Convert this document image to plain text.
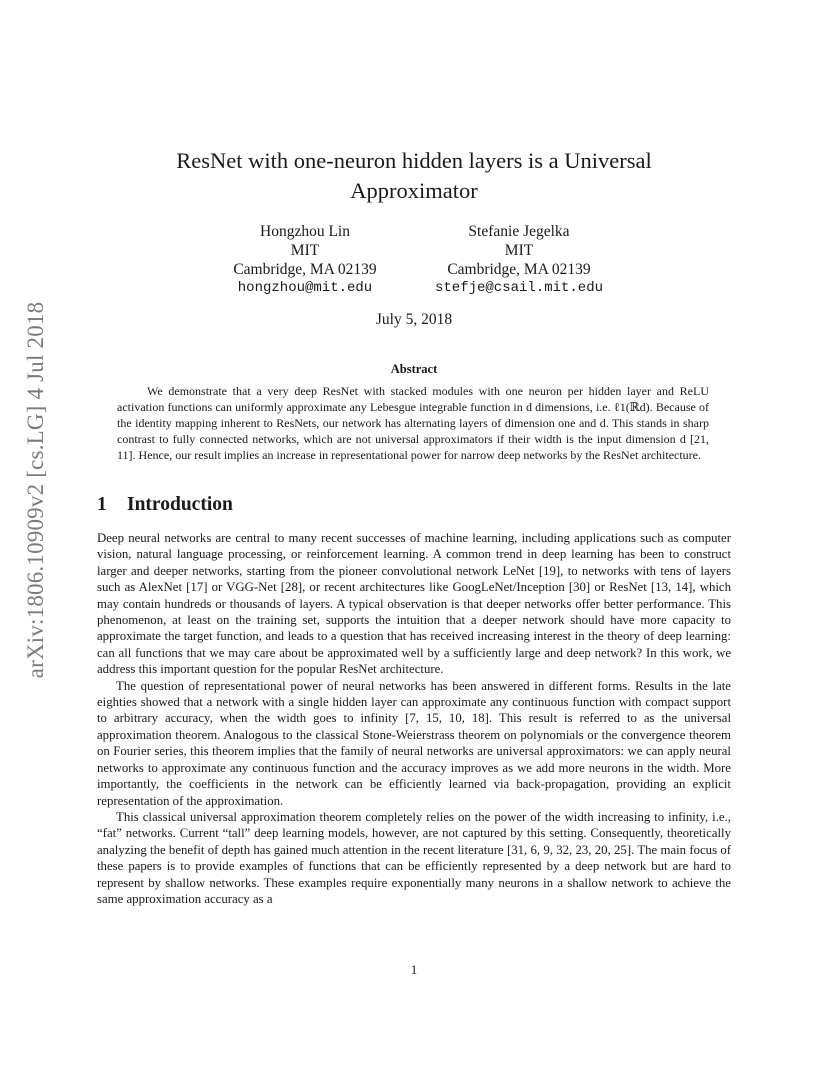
arXiv:1806.10909v2 [cs.LG] 4 Jul 2018
ResNet with one-neuron hidden layers is a Universal
Approximator
Hongzhou Lin
MIT
Cambridge, MA 02139
hongzhou@mit.edu
Stefanie Jegelka
MIT
Cambridge, MA 02139
stefje@csail.mit.edu
July 5, 2018
Abstract

We demonstrate that a very deep ResNet with stacked modules with one neuron per hidden layer and ReLU activation functions can uniformly approximate any Lebesgue integrable function in d dimensions, i.e. ℓ1(ℝd). Because of the identity mapping inherent to ResNets, our network has alternating layers of dimension one and d. This stands in sharp contrast to fully connected networks, which are not universal approximators if their width is the input dimension d [21, 11]. Hence, our result implies an increase in representational power for narrow deep networks by the ResNet architecture.

1 Introduction

Deep neural networks are central to many recent successes of machine learning, including applications such as computer vision, natural language processing, or reinforcement learning. A common trend in deep learning has been to construct larger and deeper networks, starting from the pioneer convolutional network LeNet [19], to networks with tens of layers such as AlexNet [17] or VGG-Net [28], or recent architectures like GoogLeNet/Inception [30] or ResNet [13, 14], which may contain hundreds or thousands of layers. A typical observation is that deeper networks offer better performance. This phenomenon, at least on the training set, supports the intuition that a deeper network should have more capacity to approximate the target function, and leads to a question that has received increasing interest in the theory of deep learning: can all functions that we may care about be approximated well by a sufficiently large and deep network? In this work, we address this important question for the popular ResNet architecture.

The question of representational power of neural networks has been answered in different forms. Results in the late eighties showed that a network with a single hidden layer can approximate any continuous function with compact support to arbitrary accuracy, when the width goes to infinity [7, 15, 10, 18]. This result is referred to as the universal approximation theorem. Analogous to the classical Stone-Weierstrass theorem on polynomials or the convergence theorem on Fourier series, this theorem implies that the family of neural networks are universal approximators: we can apply neural networks to approximate any continuous function and the accuracy improves as we add more neurons in the width. More importantly, the coefficients in the network can be efficiently learned via back-propagation, providing an explicit representation of the approximation.

This classical universal approximation theorem completely relies on the power of the width increasing to infinity, i.e., “fat” networks. Current “tall” deep learning models, however, are not captured by this setting. Consequently, theoretically analyzing the benefit of depth has gained much attention in the recent literature [31, 6, 9, 32, 23, 20, 25]. The main focus of these papers is to provide examples of functions that can be efficiently represented by a deep network but are hard to represent by shallow networks. These examples require exponentially many neurons in a shallow network to achieve the same approximation accuracy as a

1
